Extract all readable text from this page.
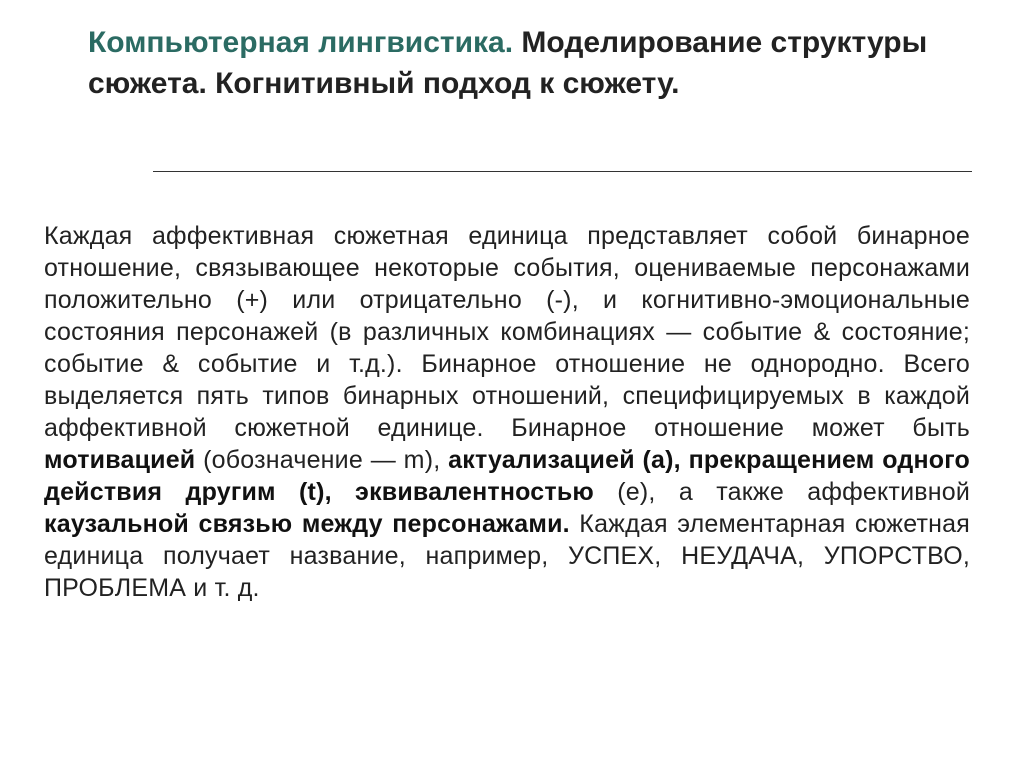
Компьютерная лингвистика. Моделирование структуры сюжета. Когнитивный подход к сюжету.

Каждая аффективная сюжетная единица представляет собой бинарное отношение, связывающее некоторые события, оцениваемые персонажами положительно (+) или отрицательно (-), и когнитивно-эмоциональные состояния персонажей (в различных комбинациях — событие & состояние; событие & событие и т.д.). Бинарное отношение не однородно. Всего выделяется пять типов бинарных отношений, специфицируемых в каждой аффективной сюжетной единице. Бинарное отношение может быть мотивацией (обозначение — m), актуализацией (а), прекращением одного действия другим (t), эквивалентностью (е), а также аффективной каузальной связью между персонажами. Каждая элементарная сюжетная единица получает название, например, УСПЕХ, НЕУДАЧА, УПОРСТВО, ПРОБЛЕМА и т. д.
